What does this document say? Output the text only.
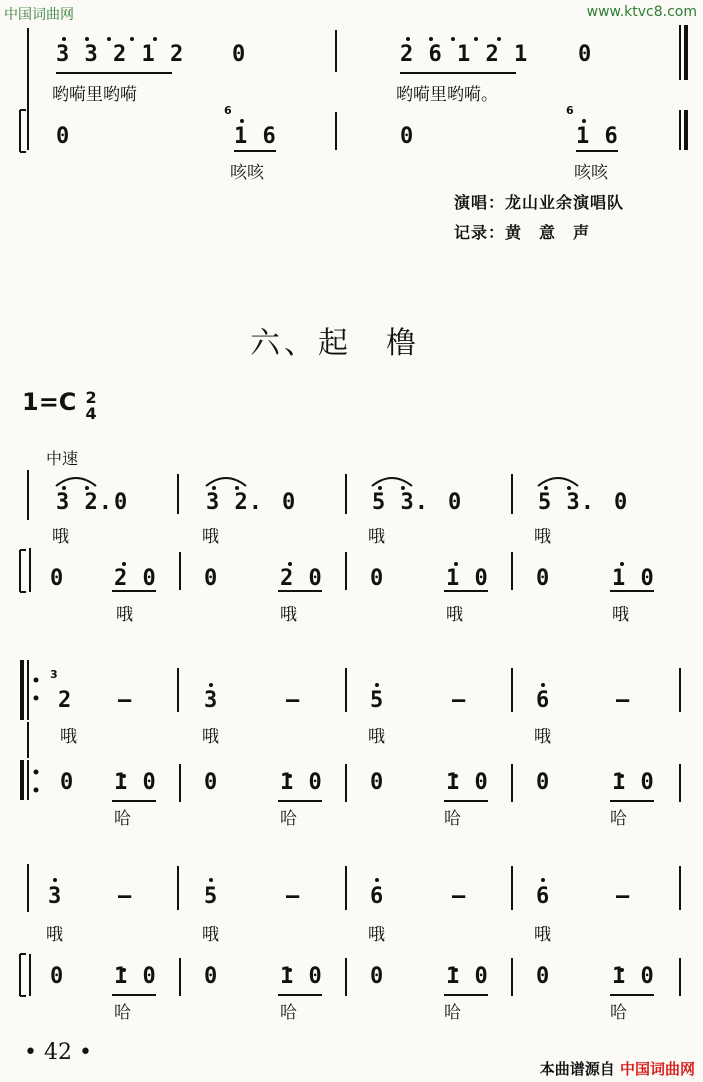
中国词曲网	www.ktvc8.com
3 3 2 1 2 0
哟嗬里哟嗬
2 6 1 2 1 0
哟嗬里哟嗬。
0
6
1 6
咳咳
0
6
1 6
咳咳
演唱：龙山业余演唱队
记录：黄　意　声
六、起　橹
1=C 2
4
中速
3 2. 0
哦
3 2. 0
哦
5 3. 0
哦
5 3. 0
哦
0 2 0
哦
0	2 0
哦
0	1 0
哦
0	1 0
哦
3
2 –
哦
3	–
哦
5	–
哦
6	–
哦
0 1 0
哈
0	1 0
哈
0	1 0
哈
0	1 0
哈
3	–
哦
5	–
哦
6	–
哦
6	–
哦
0 1 0
哈
0	1 0
哈
0	1 0
哈
0	1 0
哈
• 42 •
本曲谱源自 中国词曲网
